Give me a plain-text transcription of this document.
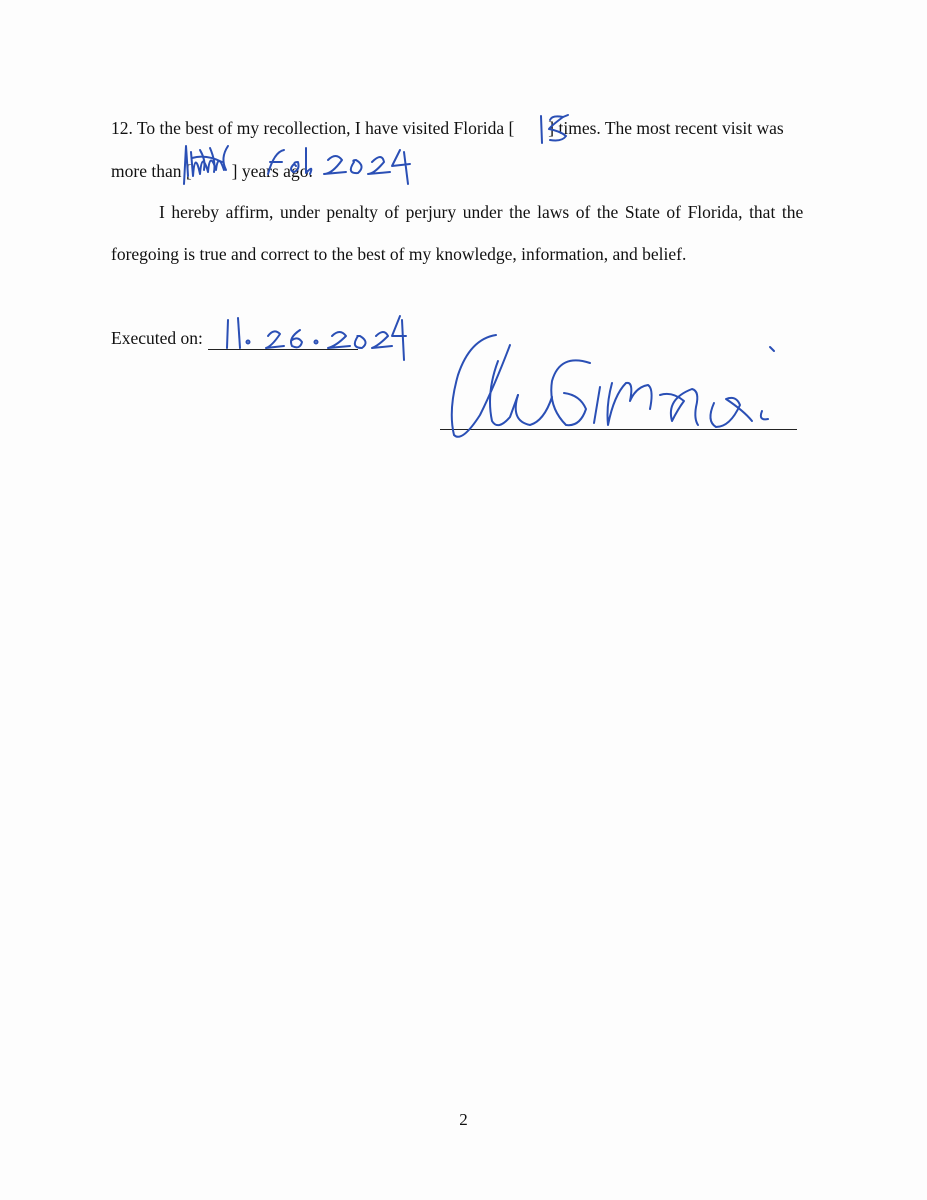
12. To the best of my recollection, I have visited Florida [ ] times. The most recent visit was
more than [ ] years ago.
I hereby affirm, under penalty of perjury under the laws of the State of Florida, that the
foregoing is true and correct to the best of my knowledge, information, and belief.
Executed on:
2
